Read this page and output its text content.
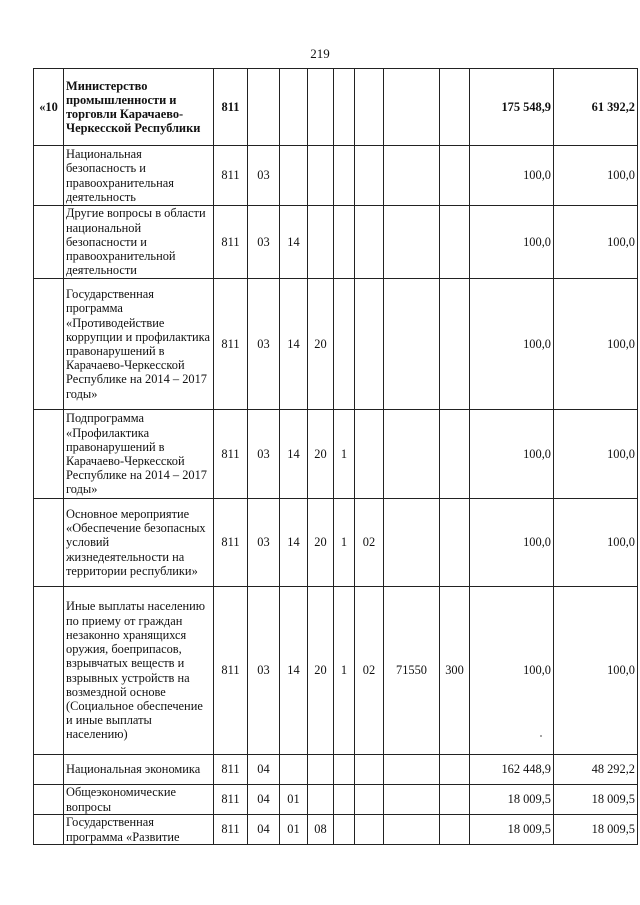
219
«10	Министерство промышленности и торговли Карачаево-Черкесской Республики	811								175 548,9	61 392,2
	Национальная безопасность и правоохранительная деятельность	811	03							100,0	100,0
	Другие вопросы в области национальной безопасности и правоохранительной деятельности	811	03	14						100,0	100,0
	Государственная программа «Противодействие коррупции и профилактика правонарушений в Карачаево-Черкесской Республике на 2014 – 2017 годы»	811	03	14	20					100,0	100,0
	Подпрограмма «Профилактика правонарушений в Карачаево-Черкесской Республике на 2014 – 2017 годы»	811	03	14	20	1				100,0	100,0
	Основное мероприятие «Обеспечение безопасных условий жизнедеятельности на территории республики»	811	03	14	20	1	02			100,0	100,0
	Иные выплаты населению по приему от граждан незаконно хранящихся оружия, боеприпасов, взрывчатых веществ и взрывных устройств на возмездной основе (Социальное обеспечение и иные выплаты населению)	811	03	14	20	1	02	71550	300	100,0	100,0
	Национальная экономика	811	04							162 448,9	48 292,2
	Общеэкономические вопросы	811	04	01						18 009,5	18 009,5
	Государственная программа «Развитие	811	04	01	08					18 009,5	18 009,5
